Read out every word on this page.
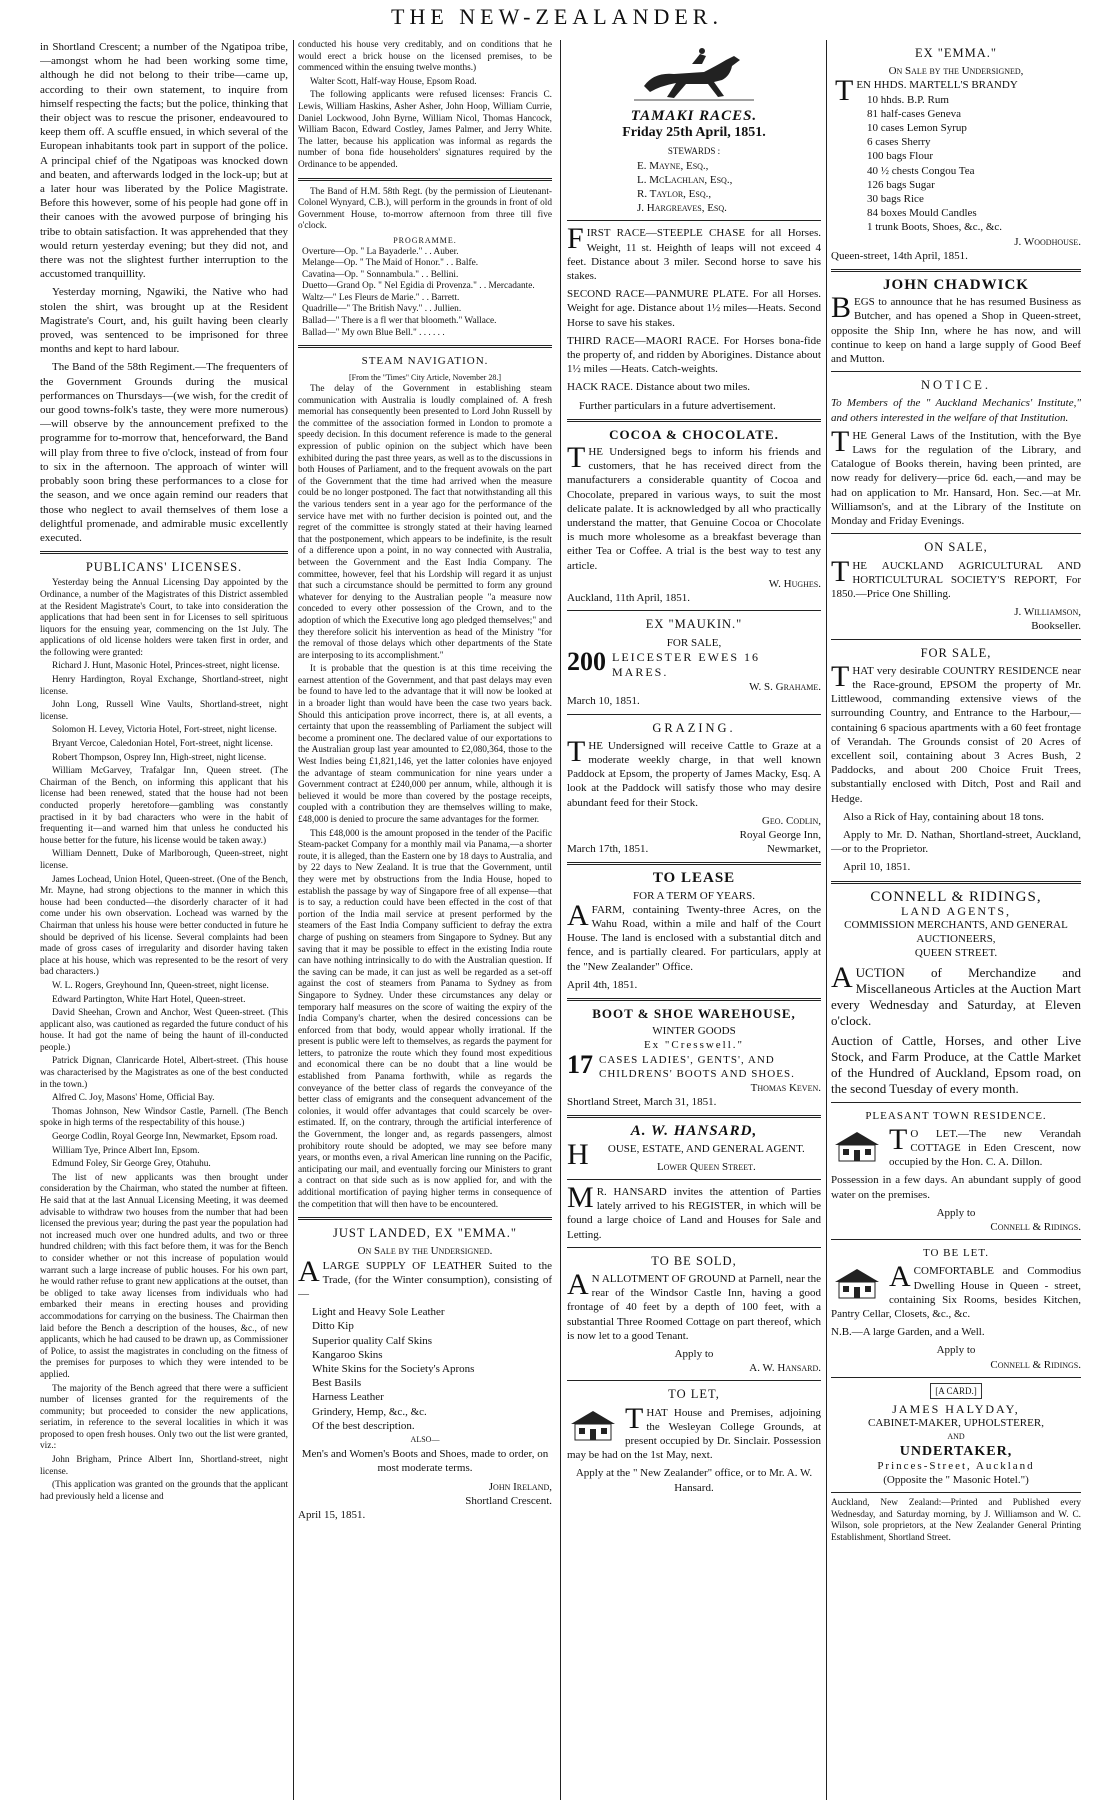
THE NEW-ZEALANDER.

in Shortland Crescent; a number of the Ngatipoa tribe,—amongst whom he had been working some time, although he did not belong to their tribe—came up, according to their own statement, to inquire from himself respecting the facts; but the police, thinking that their object was to rescue the prisoner, endeavoured to keep them off. A scuffle ensued, in which several of the European inhabitants took part in support of the police. A principal chief of the Ngatipoas was knocked down and beaten, and afterwards lodged in the lock-up; but at a later hour was liberated by the Police Magistrate. Before this however, some of his people had gone off in their canoes with the avowed purpose of bringing his tribe to obtain satisfaction. It was apprehended that they would return yesterday evening; but they did not, and there was not the slightest further interruption to the accustomed tranquillity.

Yesterday morning, Ngawiki, the Native who had stolen the shirt, was brought up at the Resident Magistrate's Court, and, his guilt having been clearly proved, was sentenced to be imprisoned for three months and kept to hard labour.

The Band of the 58th Regiment.—The frequenters of the Government Grounds during the musical performances on Thursdays—(we wish, for the credit of our good towns-folk's taste, they were more numerous)—will observe by the announcement prefixed to the programme for to-morrow that, henceforward, the Band will play from three to five o'clock, instead of from four to six in the afternoon. The approach of winter will probably soon bring these performances to a close for the season, and we once again remind our readers that those who neglect to avail themselves of them lose a delightful promenade, and admirable music excellently executed.

PUBLICANS' LICENSES.

Yesterday being the Annual Licensing Day appointed by the Ordinance, a number of the Magistrates of this District assembled at the Resident Magistrate's Court, to take into consideration the applications that had been sent in for Licenses to sell spirituous liquors for the ensuing year, commencing on the 1st July. The applications of old license holders were taken first in order, and the following were granted:

Richard J. Hunt, Masonic Hotel, Princes-street, night license.

Henry Hardington, Royal Exchange, Shortland-street, night license.

John Long, Russell Wine Vaults, Shortland-street, night license.

Solomon H. Levey, Victoria Hotel, Fort-street, night license.

Bryant Vercoe, Caledonian Hotel, Fort-street, night license.

Robert Thompson, Osprey Inn, High-street, night license.

William McGarvey, Trafalgar Inn, Queen street. (The Chairman of the Bench, on informing this applicant that his license had been renewed, stated that the house had not been conducted properly heretofore—gambling was constantly practised in it by bad characters who were in the habit of frequenting it—and warned him that unless he conducted his house better for the future, his license would be taken away.)

William Dennett, Duke of Marlborough, Queen-street, night license.

James Lochead, Union Hotel, Queen-street. (One of the Bench, Mr. Mayne, had strong objections to the manner in which this house had been conducted—the disorderly character of it had come under his own observation. Lochead was warned by the Chairman that unless his house were better conducted in future he should be deprived of his license. Several complaints had been made of gross cases of irregularity and disorder having taken place at his house, which was represented to be the resort of very bad characters.)

W. L. Rogers, Greyhound Inn, Queen-street, night license.

Edward Partington, White Hart Hotel, Queen-street.

David Sheehan, Crown and Anchor, West Queen-street. (This applicant also, was cautioned as regarded the future conduct of his house. It had got the name of being the haunt of ill-conducted people.)

Patrick Dignan, Clanricarde Hotel, Albert-street. (This house was characterised by the Magistrates as one of the best conducted in the town.)

Alfred C. Joy, Masons' Home, Official Bay.

Thomas Johnson, New Windsor Castle, Parnell. (The Bench spoke in high terms of the respectability of this house.)

George Codlin, Royal George Inn, Newmarket, Epsom road.

William Tye, Prince Albert Inn, Epsom.

Edmund Foley, Sir George Grey, Otahuhu.

The list of new applicants was then brought under consideration by the Chairman, who stated the number at fifteen. He said that at the last Annual Licensing Meeting, it was deemed advisable to withdraw two houses from the number that had been licensed the previous year; during the past year the population had not increased much over one hundred adults, and two or three hundred children; with this fact before them, it was for the Bench to consider whether or not this increase of population would warrant such a large increase of public houses. For his own part, he would rather refuse to grant new applications at the outset, than be obliged to take away licenses from individuals who had embarked their means in erecting houses and providing accommodations for carrying on the business. The Chairman then laid before the Bench a description of the houses, &c., of new applicants, which he had caused to be drawn up, as Commissioner of Police, to assist the magistrates in concluding on the fitness of the premises for purposes to which they were intended to be applied.

The majority of the Bench agreed that there were a sufficient number of licenses granted for the requirements of the community; but proceeded to consider the new applications, seriatim, in reference to the several localities in which it was proposed to open fresh houses. Only two out the list were granted, viz.:

John Brigham, Prince Albert Inn, Shortland-street, night license.

(This application was granted on the grounds that the applicant had previously held a license and

conducted his house very creditably, and on conditions that he would erect a brick house on the licensed premises, to be commenced within the ensuing twelve months.)

Walter Scott, Half-way House, Epsom Road.

The following applicants were refused licenses: Francis C. Lewis, William Haskins, Asher Asher, John Hoop, William Currie, Daniel Lockwood, John Byrne, William Nicol, Thomas Hancock, William Bacon, Edward Costley, James Palmer, and Jerry White. The latter, because his application was informal as regards the number of bona fide householders' signatures required by the Ordinance to be appended.

The Band of H.M. 58th Regt. (by the permission of Lieutenant-Colonel Wynyard, C.B.), will perform in the grounds in front of old Government House, to-morrow afternoon from three till five o'clock.

PROGRAMME.
Overture—Op. " La Bayaderle." . . Auber.
Melange—Op. " The Maid of Honor." . . Balfe.
Cavatina—Op. " Sonnambula." . . Bellini.
Duetto—Grand Op. " Nel Egidia di Provenza." . . Mercadante.
Waltz—" Les Fleurs de Marie." . . Barrett.
Quadrille—" The British Navy." . . Jullien.
Ballad—" There is a fl wer that bloometh." Wallace.
Ballad—" My own Blue Bell." . . . . . .
STEAM NAVIGATION.
[From the "Times" City Article, November 28.]

The delay of the Government in establishing steam communication with Australia is loudly complained of. A fresh memorial has consequently been presented to Lord John Russell by the committee of the association formed in London to promote a speedy decision. In this document reference is made to the general expression of public opinion on the subject which have been exhibited during the past three years, as well as to the discussions in both Houses of Parliament, and to the frequent avowals on the part of the Government that the time had arrived when the measure could be no longer postponed. The fact that notwithstanding all this the various tenders sent in a year ago for the performance of the service have met with no further decision is pointed out, and the regret of the committee is strongly stated at their having learned that the postponement, which appears to be indefinite, is the result of a difference upon a point, in no way connected with Australia, between the Government and the East India Company. The committee, however, feel that his Lordship will regard it as unjust that such a circumstance should be permitted to form any ground whatever for denying to the Australian people "a measure now conceded to every other possession of the Crown, and to the adoption of which the Executive long ago pledged themselves;" and they therefore solicit his intervention as head of the Ministry "for the removal of those delays which other departments of the State are interposing to its accomplishment."

It is probable that the question is at this time receiving the earnest attention of the Government, and that past delays may even be found to have led to the advantage that it will now be looked at in a broader light than would have been the case two years back. Should this anticipation prove incorrect, there is, at all events, a certainty that upon the reassembling of Parliament the subject will become a prominent one. The declared value of our exportations to the Australian group last year amounted to £2,080,364, those to the West Indies being £1,821,146, yet the latter colonies have enjoyed the advantage of steam communication for nine years under a Government contract at £240,000 per annum, while, although it is believed it would be more than covered by the postage receipts, coupled with a contribution they are themselves willing to make, £48,000 is denied to procure the same advantages for the former.

This £48,000 is the amount proposed in the tender of the Pacific Steam-packet Company for a monthly mail via Panama,—a shorter route, it is alleged, than the Eastern one by 18 days to Australia, and by 22 days to New Zealand. It is true that the Government, until they were met by obstructions from the India House, hoped to establish the passage by way of Singapore free of all expense—that is to say, a reduction could have been effected in the cost of that portion of the India mail service at present performed by the steamers of the East India Company sufficient to defray the extra charge of pushing on steamers from Singapore to Sydney. But any saving that it may be possible to effect in the existing India route can have nothing intrinsically to do with the Australian question. If the saving can be made, it can just as well be regarded as a set-off against the cost of steamers from Panama to Sydney as from Singapore to Sydney. Under these circumstances any delay or temporary half measures on the score of waiting the expiry of the India Company's charter, when the desired concessions can be enforced from that body, would appear wholly irrational. If the present is public were left to themselves, as regards the payment for letters, to patronize the route which they found most expeditious and economical there can be no doubt that a line would be established from Panama forthwith, while as regards the conveyance of the better class of regards the conveyance of the better class of emigrants and the consequent advancement of the colonies, it would offer advantages that could scarcely be over-estimated. If, on the contrary, through the artificial interference of the Government, the longer and, as regards passengers, almost prohibitory route should be adopted, we may see before many years, or months even, a rival American line running on the Pacific, anticipating our mail, and eventually forcing our Ministers to grant a contract on that side such as is now applied for, and with the additional mortification of paying higher terms in consequence of the competition that will then have to be encountered.

JUST LANDED, EX "EMMA."
On Sale by the Undersigned.

ALARGE SUPPLY OF LEATHER Suited to the Trade, (for the Winter consumption), consisting of—

Light and Heavy Sole Leather
Ditto Kip
Superior quality Calf Skins
Kangaroo Skins
White Skins for the Society's Aprons
Best Basils
Harness Leather
Grindery, Hemp, &c., &c.
Of the best description.
ALSO—

Men's and Women's Boots and Shoes, made to order, on most moderate terms.

John Ireland,
Shortland Crescent.
April 15, 1851.
TAMAKI RACES.
Friday 25th April, 1851.
STEWARDS :
E. Mayne, Esq.,
L. McLachlan, Esq.,
R. Taylor, Esq.,
J. Hargreaves, Esq.

FIRST RACE—STEEPLE CHASE for all Horses. Weight, 11 st. Heighth of leaps will not exceed 4 feet. Distance about 3 miler. Second horse to save his stakes.

SECOND RACE—PANMURE PLATE. For all Horses. Weight for age. Distance about 1½ miles—Heats. Second Horse to save his stakes.

THIRD RACE—MAORI RACE. For Horses bona-fide the property of, and ridden by Aborigines. Distance about 1½ miles —Heats. Catch-weights.

HACK RACE. Distance about two miles.

Further particulars in a future advertisement.

COCOA & CHOCOLATE.

THE Undersigned begs to inform his friends and customers, that he has received direct from the manufacturers a considerable quantity of Cocoa and Chocolate, prepared in various ways, to suit the most delicate palate. It is acknowledged by all who practically understand the matter, that Genuine Cocoa or Chocolate is much more wholesome as a breakfast beverage than either Tea or Coffee. A trial is the best way to test any article.

W. Hughes.
Auckland, 11th April, 1851.
EX "MAUKIN."
FOR SALE,
200 LEICESTER EWES 16 MARES.
W. S. Grahame.
March 10, 1851.
GRAZING.

THE Undersigned will receive Cattle to Graze at a moderate weekly charge, in that well known Paddock at Epsom, the property of James Macky, Esq. A look at the Paddock will satisfy those who may desire abundant feed for their Stock.

Geo. Codlin,
Royal George Inn,
March 17th, 1851.	Newmarket,
TO LEASE
FOR A TERM OF YEARS.

AFARM, containing Twenty-three Acres, on the Wahu Road, within a mile and half of the Court House. The land is enclosed with a substantial ditch and fence, and is partially cleared. For particulars, apply at the "New Zealander" Office.

April 4th, 1851.
BOOT & SHOE WAREHOUSE,
WINTER GOODS
Ex "Cresswell."
17 CASES LADIES', GENTS', AND CHILDRENS' BOOTS AND SHOES.
Thomas Keven.
Shortland Street, March 31, 1851.
A. W. HANSARD,

H OUSE, ESTATE, AND GENERAL AGENT.

Lower Queen Street.

M R. HANSARD invites the attention of Parties lately arrived to his REGISTER, in which will be found a large choice of Land and Houses for Sale and Letting.

TO BE SOLD,

A N ALLOTMENT OF GROUND at Parnell, near the rear of the Windsor Castle Inn, having a good frontage of 40 feet by a depth of 100 feet, with a substantial Three Roomed Cottage on part thereof, which is now let to a good Tenant.

Apply to
A. W. Hansard.
TO LET,

THAT House and Premises, adjoining the Wesleyan College Grounds, at present occupied by Dr. Sinclair. Possession may be had on the 1st May, next.

Apply at the " New Zealander" office, or to Mr. A. W. Hansard.
EX "EMMA."
On Sale by the Undersigned,
TEN HHDS. MARTELL'S BRANDY
10 hhds. B.P. Rum
81 half-cases Geneva
10 cases Lemon Syrup
6 cases Sherry
100 bags Flour
40 ½ chests Congou Tea
126 bags Sugar
30 bags Rice
84 boxes Mould Candles
1 trunk Boots, Shoes, &c., &c.
J. Woodhouse.
Queen-street, 14th April, 1851.
JOHN CHADWICK

BEGS to announce that he has resumed Business as Butcher, and has opened a Shop in Queen-street, opposite the Ship Inn, where he has now, and will continue to keep on hand a large supply of Good Beef and Mutton.

NOTICE.

To Members of the " Auckland Mechanics' Institute," and others interested in the welfare of that Institution.

THE General Laws of the Institution, with the Bye Laws for the regulation of the Library, and Catalogue of Books therein, having been printed, are now ready for delivery—price 6d. each,—and may be had on application to Mr. Hansard, Hon. Sec.—at Mr. Williamson's, and at the Library of the Institute on Monday and Friday Evenings.

ON SALE,

THE AUCKLAND AGRICULTURAL AND HORTICULTURAL SOCIETY'S REPORT, For 1850.—Price One Shilling.

J. Williamson,
Bookseller.
FOR SALE,

THAT very desirable COUNTRY RESIDENCE near the Race-ground, EPSOM the property of Mr. Littlewood, commanding extensive views of the surrounding Country, and Entrance to the Harbour,—containing 6 spacious apartments with a 60 feet frontage of Verandah. The Grounds consist of 20 Acres of excellent soil, containing about 3 Acres Bush, 2 Paddocks, and about 200 Choice Fruit Trees, substantially enclosed with Ditch, Post and Rail and Hedge.

Also a Rick of Hay, containing about 18 tons.

Apply to Mr. D. Nathan, Shortland-street, Auckland,—or to the Proprietor.

April 10, 1851.
CONNELL & RIDINGS,
LAND AGENTS,
COMMISSION MERCHANTS, AND GENERAL AUCTIONEERS,
QUEEN STREET.

AUCTION of Merchandize and Miscellaneous Articles at the Auction Mart every Wednesday and Saturday, at Eleven o'clock.

Auction of Cattle, Horses, and other Live Stock, and Farm Produce, at the Cattle Market of the Hundred of Auckland, Epsom road, on the second Tuesday of every month.

PLEASANT TOWN RESIDENCE.

T O LET.—The new Verandah COTTAGE in Eden Crescent, now occupied by the Hon. C. A. Dillon.

Possession in a few days. An abundant supply of good water on the premises.

Apply to
Connell & Ridings.
TO BE LET.

ACOMFORTABLE and Commodius Dwelling House in Queen - street, containing Six Rooms, besides Kitchen, Pantry Cellar, Closets, &c., &c.

N.B.—A large Garden, and a Well.

Apply to
Connell & Ridings.
[A CARD.]
JAMES HALYDAY,
CABINET-MAKER, UPHOLSTERER,
AND
UNDERTAKER,
Princes-Street, Auckland
(Opposite the " Masonic Hotel.")

Auckland, New Zealand:—Printed and Published every Wednesday, and Saturday morning, by J. Williamson and W. C. Wilson, sole proprietors, at the New Zealander General Printing Establishment, Shortland Street.
